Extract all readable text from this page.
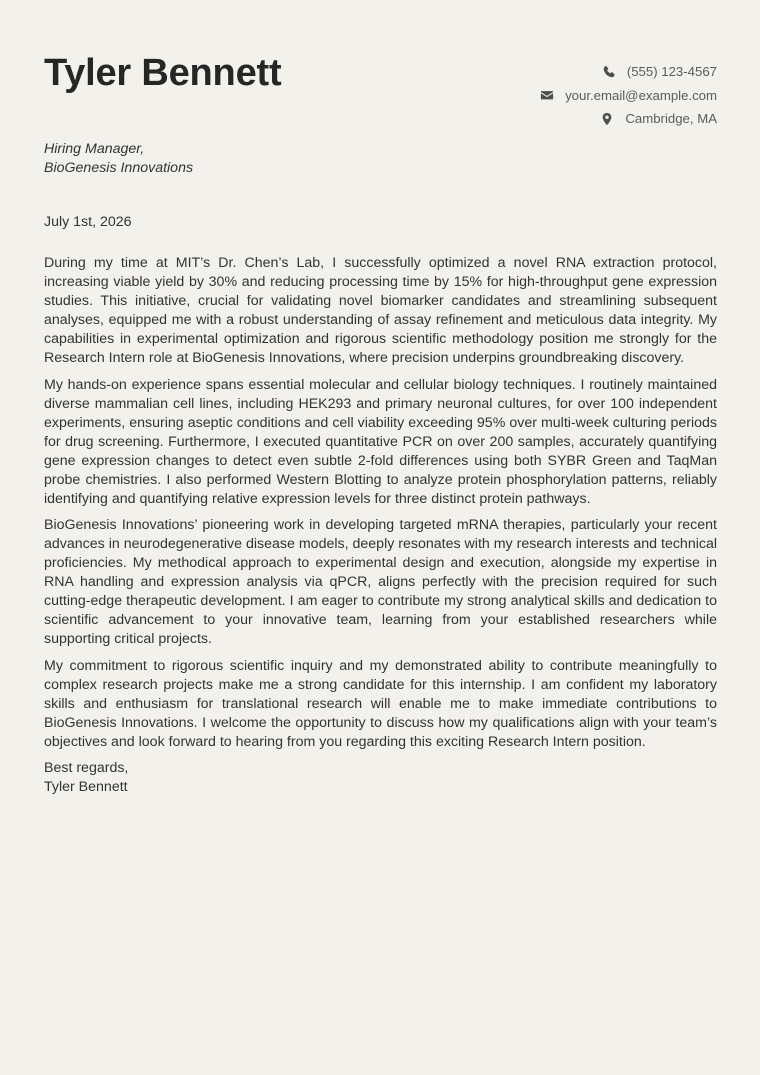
Tyler Bennett	(555) 123-4567
your.email@example.com
Cambridge, MA
Hiring Manager,
BioGenesis Innovations
July 1st, 2026

During my time at MIT’s Dr. Chen’s Lab, I successfully optimized a novel RNA extraction protocol, increasing viable yield by 30% and reducing processing time by 15% for high-throughput gene expression studies. This initiative, crucial for validating novel biomarker candidates and streamlining subsequent analyses, equipped me with a robust understanding of assay refinement and meticulous data integrity. My capabilities in experimental optimization and rigorous scientific methodology position me strongly for the Research Intern role at BioGenesis Innovations, where precision underpins groundbreaking discovery.

My hands-on experience spans essential molecular and cellular biology techniques. I routinely maintained diverse mammalian cell lines, including HEK293 and primary neuronal cultures, for over 100 independent experiments, ensuring aseptic conditions and cell viability exceeding 95% over multi-week culturing periods for drug screening. Furthermore, I executed quantitative PCR on over 200 samples, accurately quantifying gene expression changes to detect even subtle 2-fold differences using both SYBR Green and TaqMan probe chemistries. I also performed Western Blotting to analyze protein phosphorylation patterns, reliably identifying and quantifying relative expression levels for three distinct protein pathways.

BioGenesis Innovations’ pioneering work in developing targeted mRNA therapies, particularly your recent advances in neurodegenerative disease models, deeply resonates with my research interests and technical proficiencies. My methodical approach to experimental design and execution, alongside my expertise in RNA handling and expression analysis via qPCR, aligns perfectly with the precision required for such cutting-edge therapeutic development. I am eager to contribute my strong analytical skills and dedication to scientific advancement to your innovative team, learning from your established researchers while supporting critical projects.

My commitment to rigorous scientific inquiry and my demonstrated ability to contribute meaningfully to complex research projects make me a strong candidate for this internship. I am confident my laboratory skills and enthusiasm for translational research will enable me to make immediate contributions to BioGenesis Innovations. I welcome the opportunity to discuss how my qualifications align with your team’s objectives and look forward to hearing from you regarding this exciting Research Intern position.

Best regards,
Tyler Bennett
